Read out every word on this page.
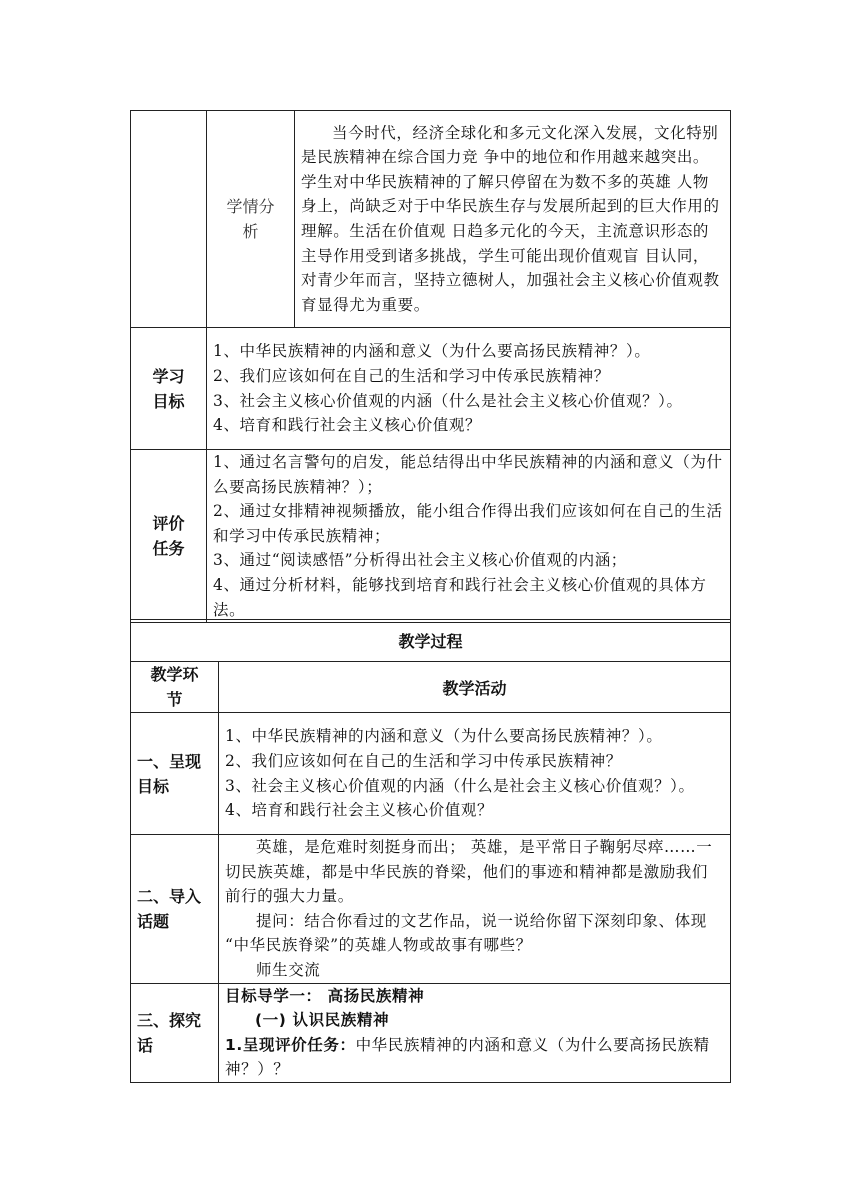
	学情分析	当今时代，经济全球化和多元文化深入发展，文化特别是民族精神在综合国力竞 争中的地位和作用越来越突出。学生对中华民族精神的了解只停留在为数不多的英雄 人物身上，尚缺乏对于中华民族生存与发展所起到的巨大作用的理解。生活在价值观 日趋多元化的今天，主流意识形态的主导作用受到诸多挑战，学生可能出现价值观盲 目认同，对青少年而言，坚持立德树人，加强社会主义核心价值观教育显得尤为重要。

学习目标	1、中华民族精神的内涵和意义（为什么要高扬民族精神？）。
2、我们应该如何在自己的生活和学习中传承民族精神？
3、社会主义核心价值观的内涵（什么是社会主义核心价值观？）。
4、培育和践行社会主义核心价值观？	

评价任务	1、通过名言警句的启发，能总结得出中华民族精神的内涵和意义（为什么要高扬民族精神？）；
2、通过女排精神视频播放，能小组合作得出我们应该如何在自己的生活和学习中传承民族精神；
3、通过“阅读感悟”分析得出社会主义核心价值观的内涵；
4、通过分析材料，能够找到培育和践行社会主义核心价值观的具体方法。	
教学过程	

教学环节	教学活动

一、呈现目标	1、中华民族精神的内涵和意义（为什么要高扬民族精神？）。
2、我们应该如何在自己的生活和学习中传承民族精神？
3、社会主义核心价值观的内涵（什么是社会主义核心价值观？）。
4、培育和践行社会主义核心价值观？

二、导入话题	英雄，是危难时刻挺身而出； 英雄，是平常日子鞠躬尽瘁……一 切民族英雄，都是中华民族的脊梁，他们的事迹和精神都是激励我们 前行的强大力量。
提问：结合你看过的文艺作品，说一说给你留下深刻印象、体现 “中华民族脊梁”的英雄人物或故事有哪些？
师生交流

三、探究话	目标导学一： 高扬民族精神
(一) 认识民族精神
1.呈现评价任务：中华民族精神的内涵和意义（为什么要高扬民族精神？）？
